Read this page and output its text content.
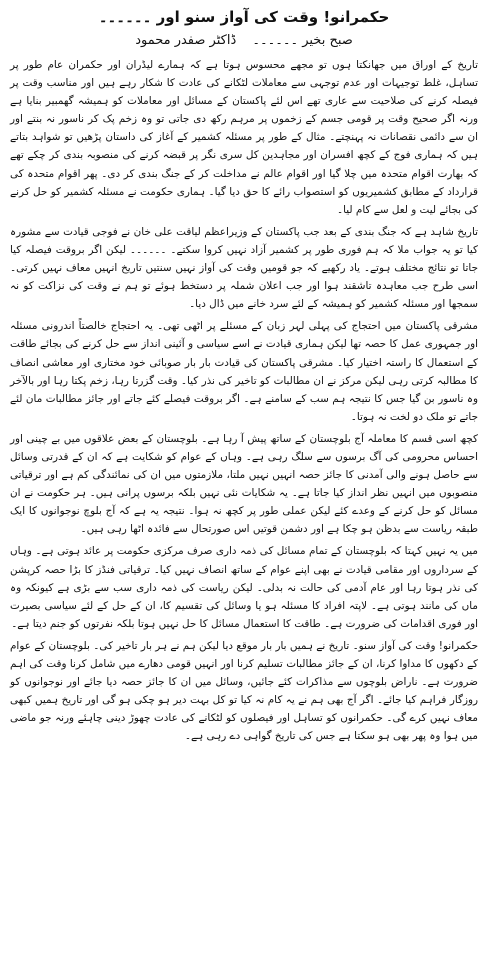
حکمرانو! وقت کی آواز سنو اور ۔۔۔۔۔۔
صبح بخیر ۔۔۔۔۔۔ ڈاکٹر صفدر محمود

تاریخ کے اوراق میں جھانکتا ہوں تو مجھے محسوس ہوتا ہے کہ ہمارے لیڈران اور حکمران عام طور پر تساہل، غلط توجیہات اور عدم توجہی سے معاملات لٹکانے کی عادت کا شکار رہے ہیں اور مناسب وقت پر فیصلہ کرنے کی صلاحیت سے عاری تھے اس لئے پاکستان کے مسائل اور معاملات کو ہمیشہ گھمبیر بنایا ہے ورنہ اگر صحیح وقت پر قومی جسم کے زخموں پر مرہم رکھ دی جاتی تو وہ زخم پک کر ناسور نہ بنتے اور ان سے دائمی نقصانات نہ پہنچتے۔ مثال کے طور پر مسئلہ کشمیر کے آغاز کی داستان پڑھیں تو شواہد بتاتے ہیں کہ ہماری فوج کے کچھ افسران اور مجاہدین کل سری نگر پر قبضہ کرنے کی منصوبہ بندی کر چکے تھے کہ بھارت اقوام متحدہ میں چلا گیا اور اقوام عالم نے مداخلت کر کے جنگ بندی کر دی۔ پھر اقوام متحدہ کی قرارداد کے مطابق کشمیریوں کو استصواب رائے کا حق دیا گیا۔ ہماری حکومت نے مسئلہ کشمیر کو حل کرنے کی بجائے لیت و لعل سے کام لیا۔

تاریخ شاہد ہے کہ جنگ بندی کے بعد جب پاکستان کے وزیراعظم لیاقت علی خان نے فوجی قیادت سے مشورہ کیا تو یہ جواب ملا کہ ہم فوری طور پر کشمیر آزاد نہیں کروا سکتے۔ ۔۔۔۔۔۔ لیکن اگر بروقت فیصلہ کیا جاتا تو نتائج مختلف ہوتے۔ یاد رکھیے کہ جو قومیں وقت کی آواز نہیں سنتیں تاریخ انہیں معاف نہیں کرتی۔ اسی طرح جب معاہدہ تاشقند ہوا اور جب اعلان شملہ پر دستخط ہوئے تو ہم نے وقت کی نزاکت کو نہ سمجھا اور مسئلہ کشمیر کو ہمیشہ کے لئے سرد خانے میں ڈال دیا۔

مشرقی پاکستان میں احتجاج کی پہلی لہر زبان کے مسئلے پر اٹھی تھی۔ یہ احتجاج خالصتاً اندرونی مسئلہ اور جمہوری عمل کا حصہ تھا لیکن ہماری قیادت نے اسے سیاسی و آئینی انداز سے حل کرنے کی بجائے طاقت کے استعمال کا راستہ اختیار کیا۔ مشرقی پاکستان کی قیادت بار بار صوبائی خود مختاری اور معاشی انصاف کا مطالبہ کرتی رہی لیکن مرکز نے ان مطالبات کو تاخیر کی نذر کیا۔ وقت گزرتا رہا، زخم پکتا رہا اور بالآخر وہ ناسور بن گیا جس کا نتیجہ ہم سب کے سامنے ہے۔ اگر بروقت فیصلے کئے جاتے اور جائز مطالبات مان لئے جاتے تو ملک دو لخت نہ ہوتا۔

کچھ اسی قسم کا معاملہ آج بلوچستان کے ساتھ پیش آ رہا ہے۔ بلوچستان کے بعض علاقوں میں بے چینی اور احساس محرومی کی آگ برسوں سے سلگ رہی ہے۔ وہاں کے عوام کو شکایت ہے کہ ان کے قدرتی وسائل سے حاصل ہونے والی آمدنی کا جائز حصہ انہیں نہیں ملتا، ملازمتوں میں ان کی نمائندگی کم ہے اور ترقیاتی منصوبوں میں انہیں نظر انداز کیا جاتا ہے۔ یہ شکایات نئی نہیں بلکہ برسوں پرانی ہیں۔ ہر حکومت نے ان مسائل کو حل کرنے کے وعدے کئے لیکن عملی طور پر کچھ نہ ہوا۔ نتیجہ یہ ہے کہ آج بلوچ نوجوانوں کا ایک طبقہ ریاست سے بدظن ہو چکا ہے اور دشمن قوتیں اس صورتحال سے فائدہ اٹھا رہی ہیں۔

میں یہ نہیں کہتا کہ بلوچستان کے تمام مسائل کی ذمہ داری صرف مرکزی حکومت پر عائد ہوتی ہے۔ وہاں کے سرداروں اور مقامی قیادت نے بھی اپنے عوام کے ساتھ انصاف نہیں کیا۔ ترقیاتی فنڈز کا بڑا حصہ کرپشن کی نذر ہوتا رہا اور عام آدمی کی حالت نہ بدلی۔ لیکن ریاست کی ذمہ داری سب سے بڑی ہے کیونکہ وہ ماں کی مانند ہوتی ہے۔ لاپتہ افراد کا مسئلہ ہو یا وسائل کی تقسیم کا، ان کے حل کے لئے سیاسی بصیرت اور فوری اقدامات کی ضرورت ہے۔ طاقت کا استعمال مسائل کا حل نہیں ہوتا بلکہ نفرتوں کو جنم دیتا ہے۔

حکمرانو! وقت کی آواز سنو۔ تاریخ نے ہمیں بار بار موقع دیا لیکن ہم نے ہر بار تاخیر کی۔ بلوچستان کے عوام کے دکھوں کا مداوا کرنا، ان کے جائز مطالبات تسلیم کرنا اور انہیں قومی دھارے میں شامل کرنا وقت کی اہم ضرورت ہے۔ ناراض بلوچوں سے مذاکرات کئے جائیں، وسائل میں ان کا جائز حصہ دیا جائے اور نوجوانوں کو روزگار فراہم کیا جائے۔ اگر آج بھی ہم نے یہ کام نہ کیا تو کل بہت دیر ہو چکی ہو گی اور تاریخ ہمیں کبھی معاف نہیں کرے گی۔ حکمرانوں کو تساہل اور فیصلوں کو لٹکانے کی عادت چھوڑ دینی چاہئے ورنہ جو ماضی میں ہوا وہ پھر بھی ہو سکتا ہے جس کی تاریخ گواہی دے رہی ہے۔
